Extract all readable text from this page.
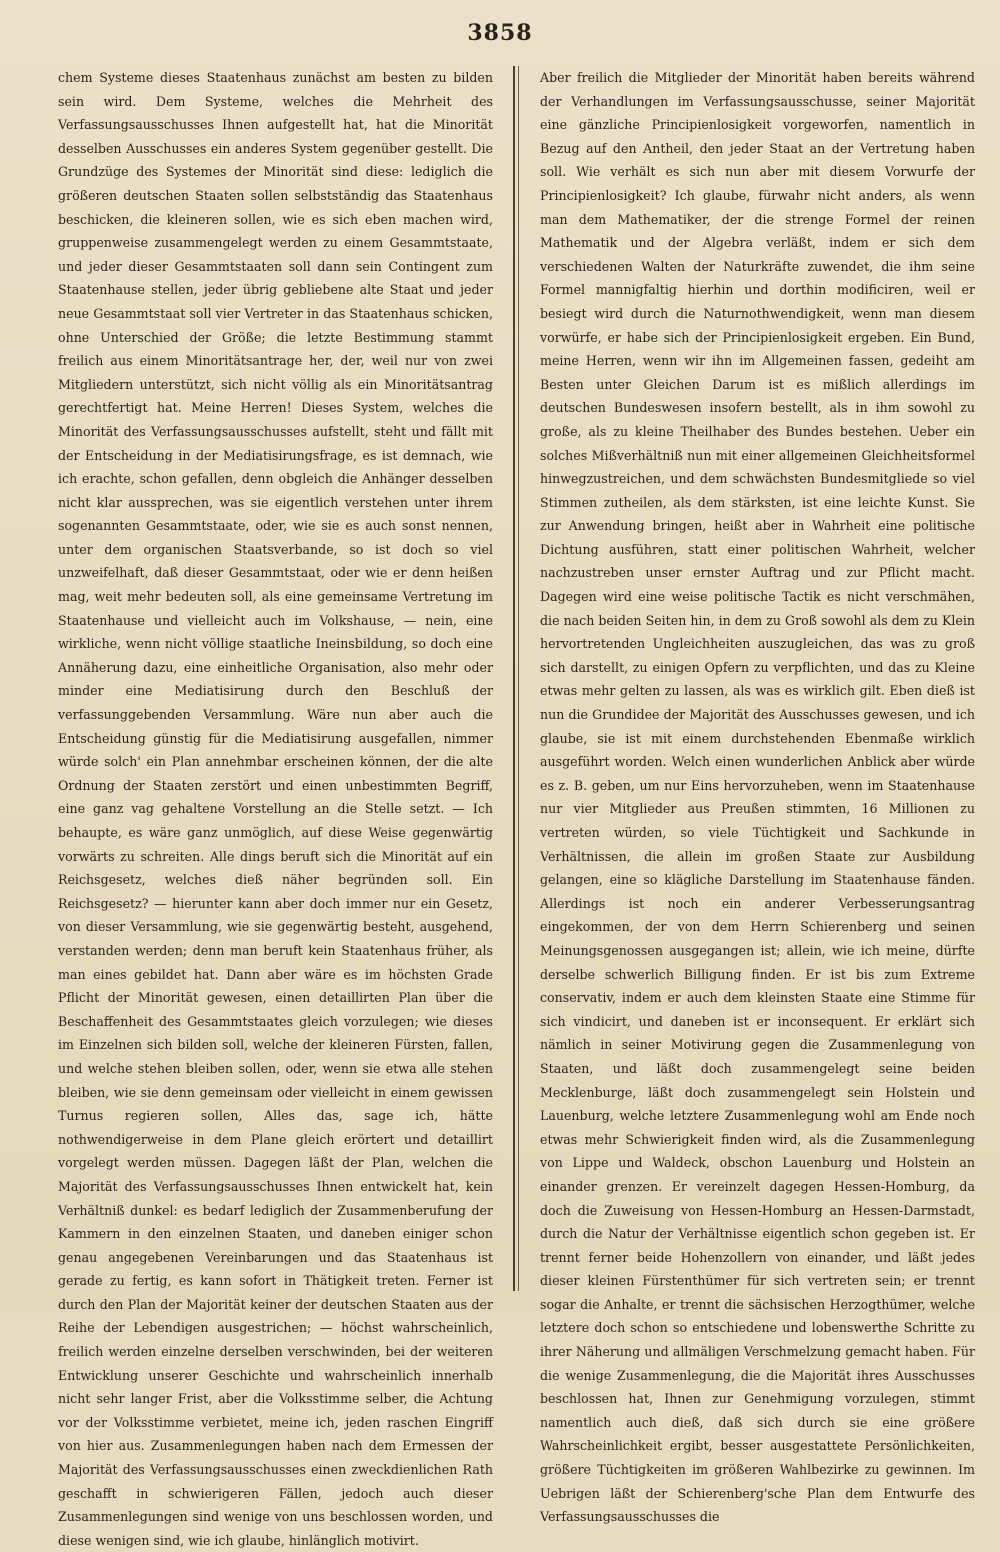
3858

chem Systeme dieses Staatenhaus zunächst am besten zu bilden sein wird. Dem Systeme, welches die Mehrheit des Verfassungsausschusses Ihnen aufgestellt hat, hat die Minorität desselben Ausschusses ein anderes System gegenüber gestellt. Die Grundzüge des Systemes der Minorität sind diese: lediglich die größeren deutschen Staaten sollen selbstständig das Staatenhaus beschicken, die kleineren sollen, wie es sich eben machen wird, gruppenweise zusammengelegt werden zu einem Gesammtstaate, und jeder dieser Gesammtstaaten soll dann sein Contingent zum Staatenhause stellen, jeder übrig gebliebene alte Staat und jeder neue Gesammtstaat soll vier Vertreter in das Staatenhaus schicken, ohne Unterschied der Größe; die letzte Bestimmung stammt freilich aus einem Minoritätsantrage her, der, weil nur von zwei Mitgliedern unterstützt, sich nicht völlig als ein Minoritätsantrag gerechtfertigt hat. Meine Herren! Dieses System, welches die Minorität des Verfassungsausschusses aufstellt, steht und fällt mit der Entscheidung in der Mediatisirungsfrage, es ist demnach, wie ich erachte, schon gefallen, denn obgleich die Anhänger desselben nicht klar aussprechen, was sie eigentlich verstehen unter ihrem sogenannten Gesammtstaate, oder, wie sie es auch sonst nennen, unter dem organischen Staatsverbande, so ist doch so viel unzweifelhaft, daß dieser Gesammtstaat, oder wie er denn heißen mag, weit mehr bedeuten soll, als eine gemeinsame Vertretung im Staatenhause und vielleicht auch im Volkshause, — nein, eine wirkliche, wenn nicht völlige staatliche Ineinsbildung, so doch eine Annäherung dazu, eine einheitliche Organisation, also mehr oder minder eine Mediatisirung durch den Beschluß der verfassunggebenden Versammlung. Wäre nun aber auch die Entscheidung günstig für die Mediatisirung ausgefallen, nimmer würde solch' ein Plan annehmbar erscheinen können, der die alte Ordnung der Staaten zerstört und einen unbestimmten Begriff, eine ganz vag gehaltene Vorstellung an die Stelle setzt. — Ich behaupte, es wäre ganz unmöglich, auf diese Weise gegenwärtig vorwärts zu schreiten. Alle dings beruft sich die Minorität auf ein Reichsgesetz, welches dieß näher begründen soll. Ein Reichsgesetz? — hierunter kann aber doch immer nur ein Gesetz, von dieser Versammlung, wie sie gegenwärtig besteht, ausgehend, verstanden werden; denn man beruft kein Staatenhaus früher, als man eines gebildet hat. Dann aber wäre es im höchsten Grade Pflicht der Minorität gewesen, einen detaillirten Plan über die Beschaffenheit des Gesammtstaates gleich vorzulegen; wie dieses im Einzelnen sich bilden soll, welche der kleineren Fürsten, fallen, und welche stehen bleiben sollen, oder, wenn sie etwa alle stehen bleiben, wie sie denn gemeinsam oder vielleicht in einem gewissen Turnus regieren sollen, Alles das, sage ich, hätte nothwendigerweise in dem Plane gleich erörtert und detaillirt vorgelegt werden müssen. Dagegen läßt der Plan, welchen die Majorität des Verfassungsausschusses Ihnen entwickelt hat, kein Verhältniß dunkel: es bedarf lediglich der Zusammenberufung der Kammern in den einzelnen Staaten, und daneben einiger schon genau angegebenen Vereinbarungen und das Staatenhaus ist gerade zu fertig, es kann sofort in Thätigkeit treten. Ferner ist durch den Plan der Majorität keiner der deutschen Staaten aus der Reihe der Lebendigen ausgestrichen; — höchst wahrscheinlich, freilich werden einzelne derselben verschwinden, bei der weiteren Entwicklung unserer Geschichte und wahrscheinlich innerhalb nicht sehr langer Frist, aber die Volksstimme selber, die Achtung vor der Volksstimme verbietet, meine ich, jeden raschen Eingriff von hier aus. Zusammenlegungen haben nach dem Ermessen der Majorität des Verfassungsausschusses einen zweckdienlichen Rath geschafft in schwierigeren Fällen, jedoch auch dieser Zusammenlegungen sind wenige von uns beschlossen worden, und diese wenigen sind, wie ich glaube, hinlänglich motivirt.

Aber freilich die Mitglieder der Minorität haben bereits während der Verhandlungen im Verfassungsausschusse, seiner Majorität eine gänzliche Principienlosigkeit vorgeworfen, namentlich in Bezug auf den Antheil, den jeder Staat an der Vertretung haben soll. Wie verhält es sich nun aber mit diesem Vorwurfe der Principienlosigkeit? Ich glaube, fürwahr nicht anders, als wenn man dem Mathematiker, der die strenge Formel der reinen Mathematik und der Algebra verläßt, indem er sich dem verschiedenen Walten der Naturkräfte zuwendet, die ihm seine Formel mannigfaltig hierhin und dorthin modificiren, weil er besiegt wird durch die Naturnothwendigkeit, wenn man diesem vorwürfe, er habe sich der Principienlosigkeit ergeben. Ein Bund, meine Herren, wenn wir ihn im Allgemeinen fassen, gedeiht am Besten unter Gleichen Darum ist es mißlich allerdings im deutschen Bundeswesen insofern bestellt, als in ihm sowohl zu große, als zu kleine Theilhaber des Bundes bestehen. Ueber ein solches Mißverhältniß nun mit einer allgemeinen Gleichheitsformel hinwegzustreichen, und dem schwächsten Bundesmitgliede so viel Stimmen zutheilen, als dem stärksten, ist eine leichte Kunst. Sie zur Anwendung bringen, heißt aber in Wahrheit eine politische Dichtung ausführen, statt einer politischen Wahrheit, welcher nachzustreben unser ernster Auftrag und zur Pflicht macht. Dagegen wird eine weise politische Tactik es nicht verschmähen, die nach beiden Seiten hin, in dem zu Groß sowohl als dem zu Klein hervortretenden Ungleichheiten auszugleichen, das was zu groß sich darstellt, zu einigen Opfern zu verpflichten, und das zu Kleine etwas mehr gelten zu lassen, als was es wirklich gilt. Eben dieß ist nun die Grundidee der Majorität des Ausschusses gewesen, und ich glaube, sie ist mit einem durchstehenden Ebenmaße wirklich ausgeführt worden. Welch einen wunderlichen Anblick aber würde es z. B. geben, um nur Eins hervorzuheben, wenn im Staatenhause nur vier Mitglieder aus Preußen stimmten, 16 Millionen zu vertreten würden, so viele Tüchtigkeit und Sachkunde in Verhältnissen, die allein im großen Staate zur Ausbildung gelangen, eine so klägliche Darstellung im Staatenhause fänden. Allerdings ist noch ein anderer Verbesserungsantrag eingekommen, der von dem Herrn Schierenberg und seinen Meinungsgenossen ausgegangen ist; allein, wie ich meine, dürfte derselbe schwerlich Billigung finden. Er ist bis zum Extreme conservativ, indem er auch dem kleinsten Staate eine Stimme für sich vindicirt, und daneben ist er inconsequent. Er erklärt sich nämlich in seiner Motivirung gegen die Zusammenlegung von Staaten, und läßt doch zusammengelegt seine beiden Mecklenburge, läßt doch zusammengelegt sein Holstein und Lauenburg, welche letztere Zusammenlegung wohl am Ende noch etwas mehr Schwierigkeit finden wird, als die Zusammenlegung von Lippe und Waldeck, obschon Lauenburg und Holstein an einander grenzen. Er vereinzelt dagegen Hessen-Homburg, da doch die Zuweisung von Hessen-Homburg an Hessen-Darmstadt, durch die Natur der Verhältnisse eigentlich schon gegeben ist. Er trennt ferner beide Hohenzollern von einander, und läßt jedes dieser kleinen Fürstenthümer für sich vertreten sein; er trennt sogar die Anhalte, er trennt die sächsischen Herzogthümer, welche letztere doch schon so entschiedene und lobenswerthe Schritte zu ihrer Näherung und allmäligen Verschmelzung gemacht haben. Für die wenige Zusammenlegung, die die Majorität ihres Ausschusses beschlossen hat, Ihnen zur Genehmigung vorzulegen, stimmt namentlich auch dieß, daß sich durch sie eine größere Wahrscheinlichkeit ergibt, besser ausgestattete Persönlichkeiten, größere Tüchtigkeiten im größeren Wahlbezirke zu gewinnen. Im Uebrigen läßt der Schierenberg'sche Plan dem Entwurfe des Verfassungsausschusses die
